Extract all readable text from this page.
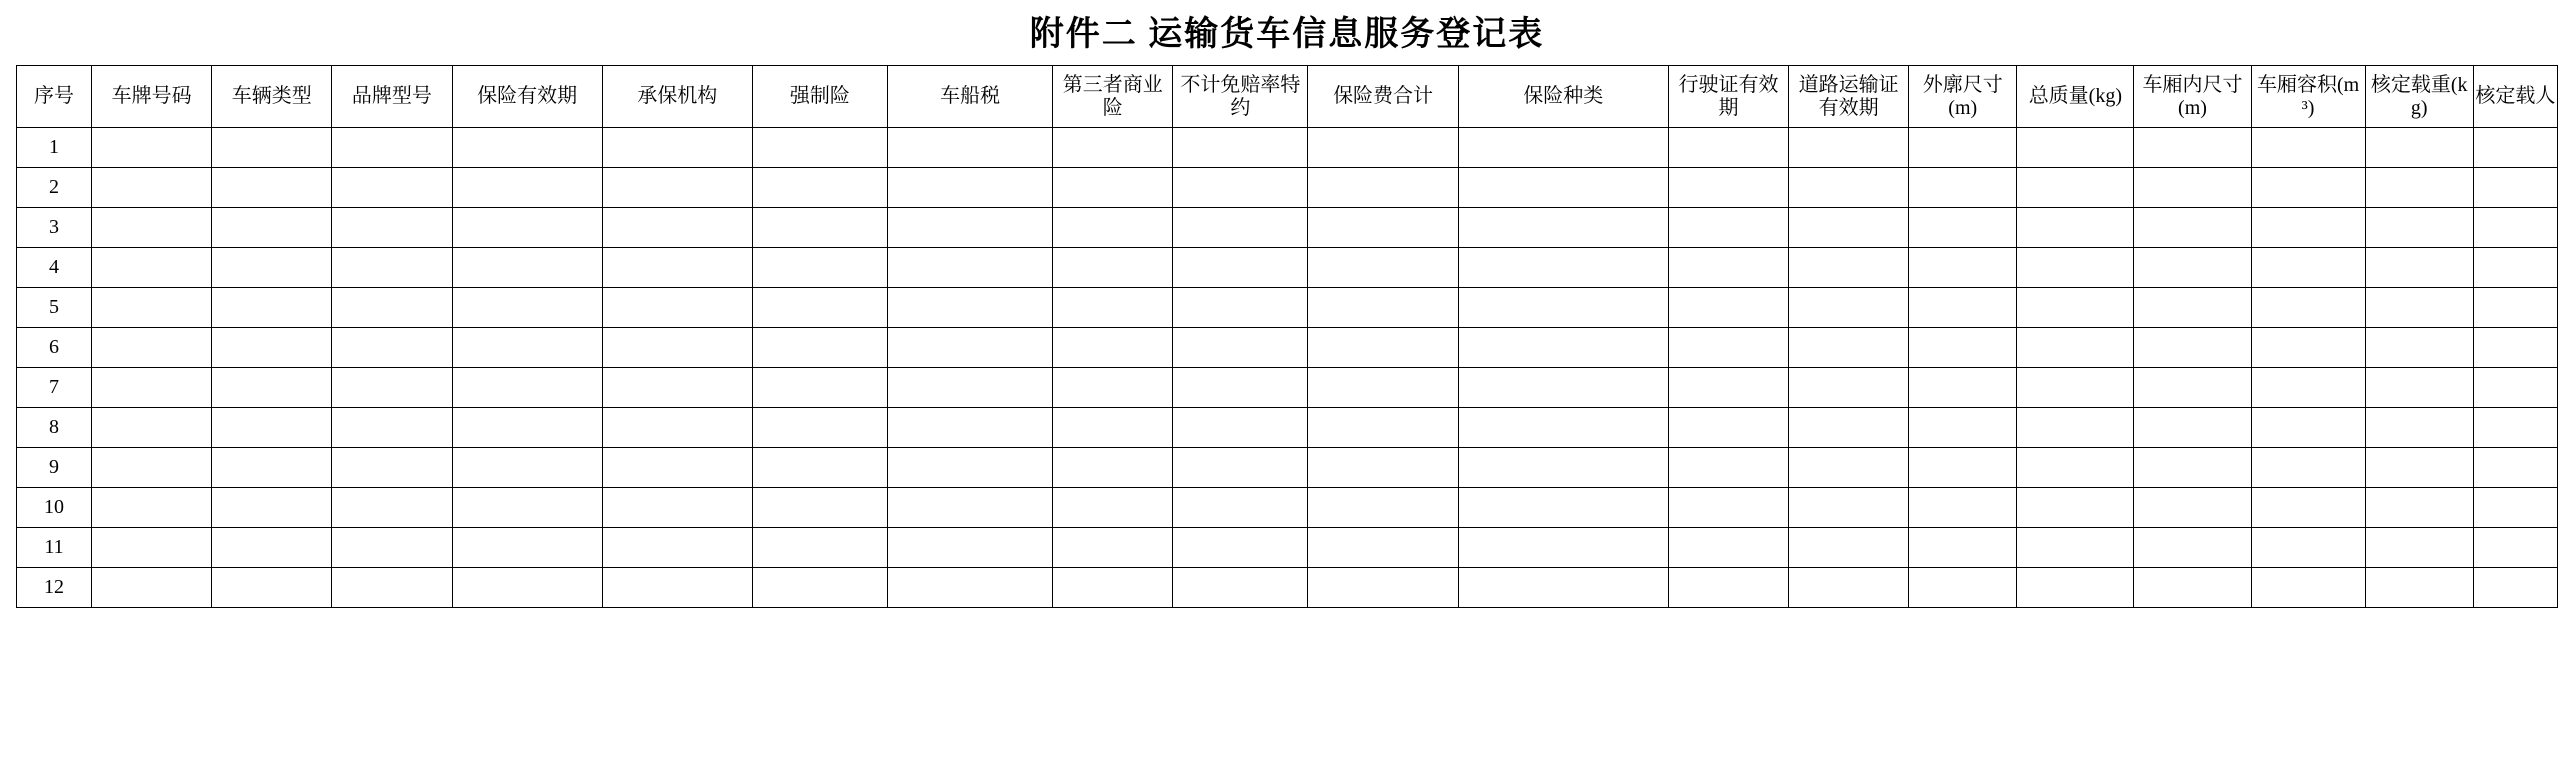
附件二 运输货车信息服务登记表
序号	车牌号码	车辆类型	品牌型号	保险有效期	承保机构	强制险	车船税	第三者商业险	不计免赔率特约	保险费合计	保险种类	行驶证有效期	道路运输证有效期	外廓尺寸(m)	总质量(kg)	车厢内尺寸(m)	车厢容积(m³)	核定载重(kg)	核定载人

1																			
2																			
3																			
4																			
5																			
6																			
7																			
8																			
9																			
10																			
11																			
12																			
